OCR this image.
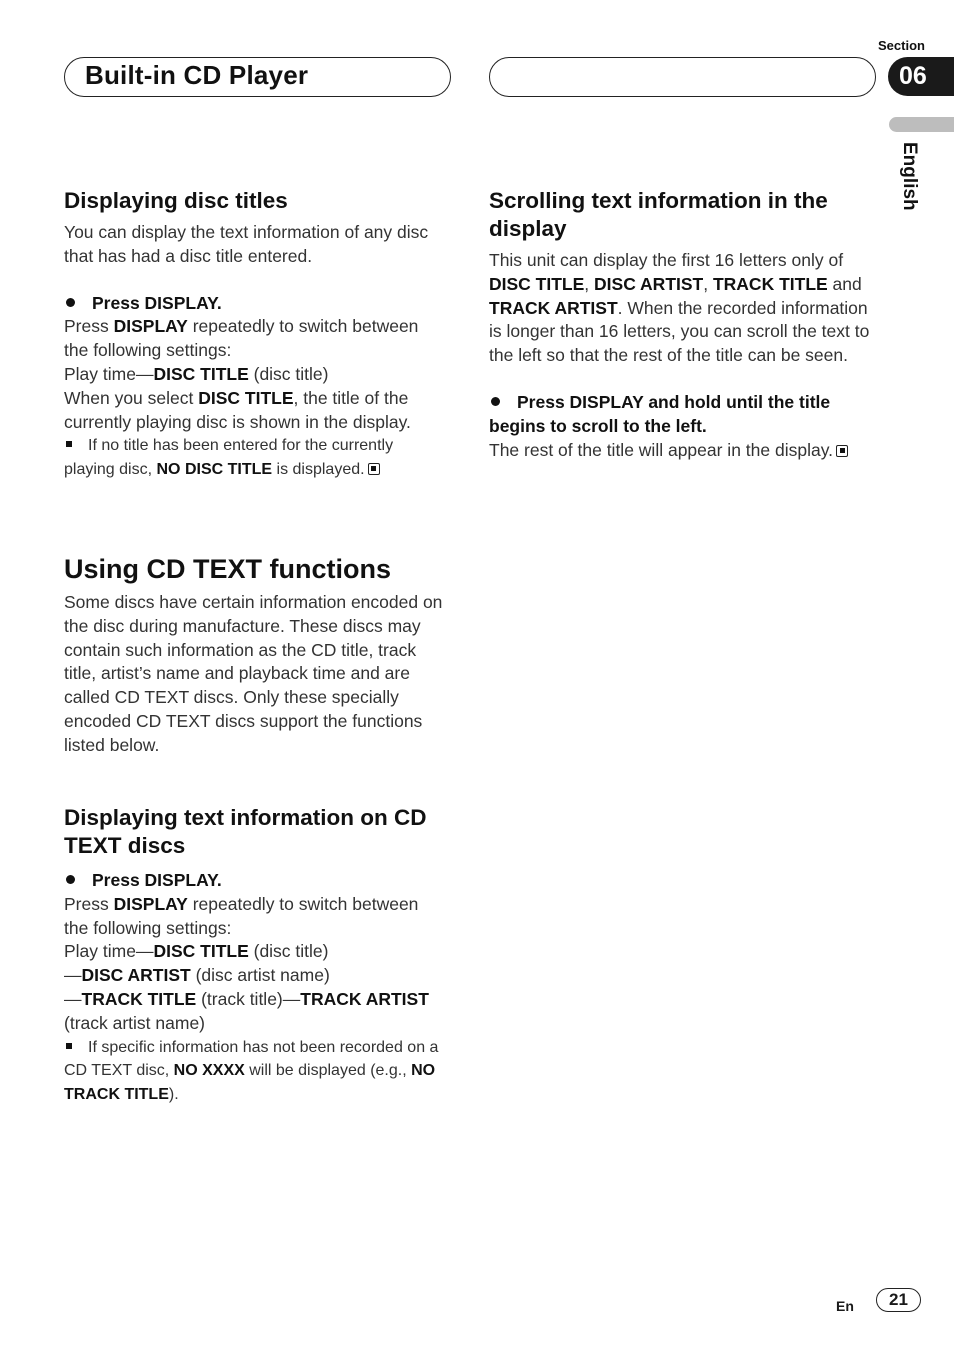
Built-in CD Player
Section
06
English
Displaying disc titles

You can display the text information of any disc that has had a disc title entered.

Press DISPLAY.

Press DISPLAY repeatedly to switch between the following settings:

Play time—DISC TITLE (disc title)

When you select DISC TITLE, the title of the currently playing disc is shown in the display.

If no title has been entered for the currently playing disc, NO DISC TITLE is displayed.

Using CD TEXT functions

Some discs have certain information encoded on the disc during manufacture. These discs may contain such information as the CD title, track title, artist’s name and playback time and are called CD TEXT discs. Only these specially encoded CD TEXT discs support the functions listed below.

Displaying text information on CD TEXT discs

Press DISPLAY.

Press DISPLAY repeatedly to switch between the following settings:

Play time—DISC TITLE (disc title)
—DISC ARTIST (disc artist name)
—TRACK TITLE (track title)—TRACK ARTIST
(track artist name)

If specific information has not been recorded on a CD TEXT disc, NO XXXX will be displayed (e.g., NO TRACK TITLE).

Scrolling text information in the display

This unit can display the first 16 letters only of DISC TITLE, DISC ARTIST, TRACK TITLE and TRACK ARTIST. When the recorded information is longer than 16 letters, you can scroll the text to the left so that the rest of the title can be seen.

Press DISPLAY and hold until the title begins to scroll to the left.

The rest of the title will appear in the display.

En	21
